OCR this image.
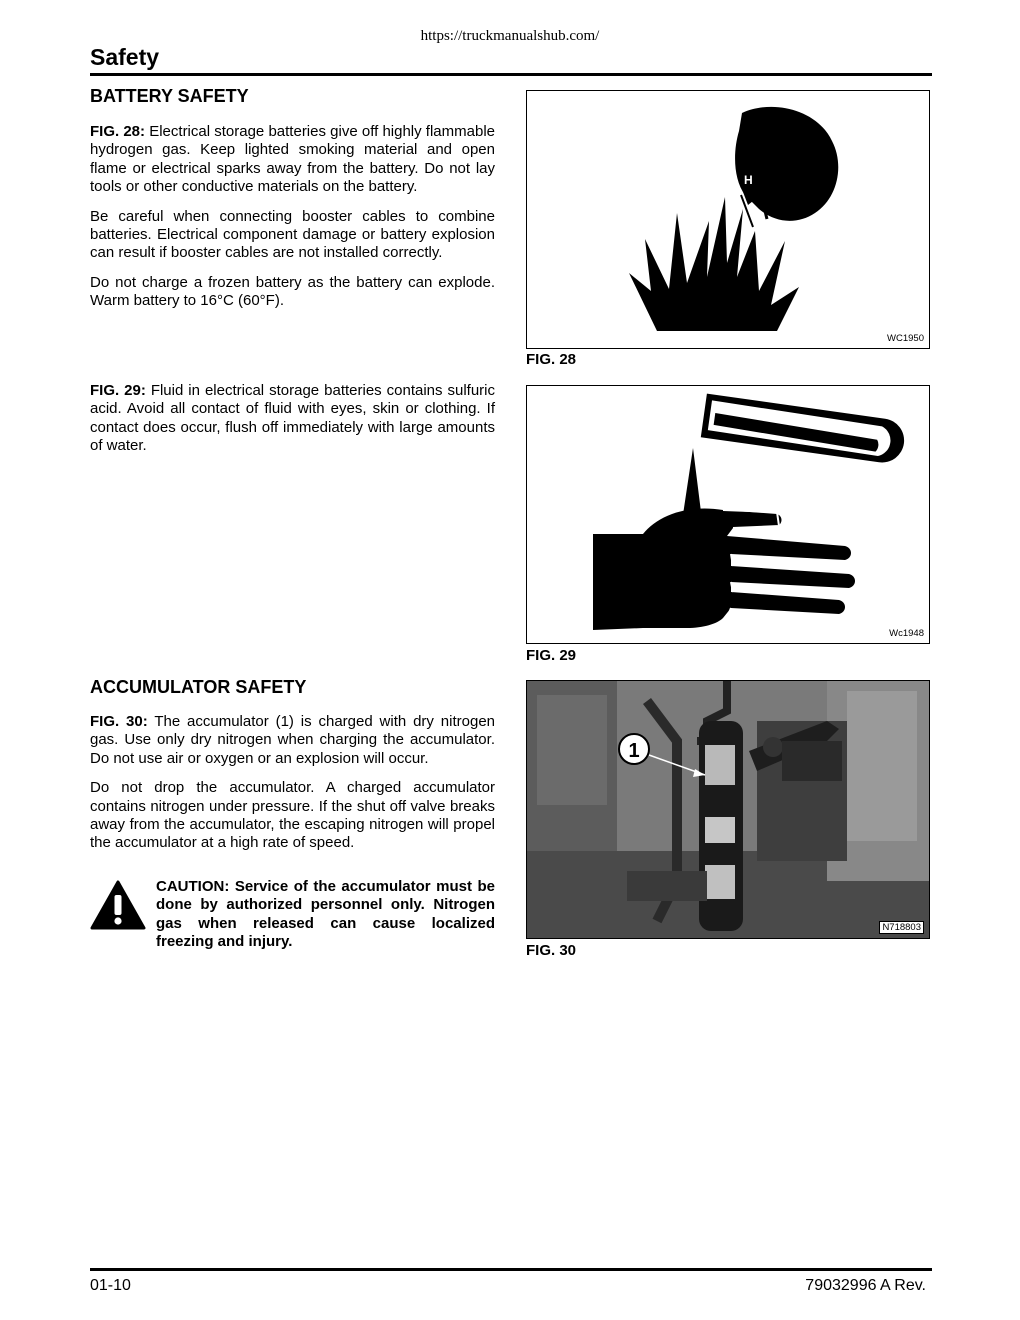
https://truckmanualshub.com/
Safety
BATTERY SAFETY

FIG. 28: Electrical storage batteries give off highly flammable hydrogen gas. Keep lighted smoking material and open flame or electrical sparks away from the battery. Do not lay tools or other conductive materials on the battery.

Be careful when connecting booster cables to combine batteries. Electrical component damage or battery explosion can result if booster cables are not installed correctly.

Do not charge a frozen battery as the battery can explode. Warm battery to 16°C (60°F).

FIG. 29: Fluid in electrical storage batteries contains sulfuric acid. Avoid all contact of fluid with eyes, skin or clothing. If contact does occur, flush off immediately with large amounts of water.

ACCUMULATOR SAFETY

FIG. 30: The accumulator (1) is charged with dry nitrogen gas. Use only dry nitrogen when charging the accumulator. Do not use air or oxygen or an explosion will occur.

Do not drop the accumulator. A charged accumulator contains nitrogen under pressure. If the shut off valve breaks away from the accumulator, the escaping nitrogen will propel the accumulator at a high rate of speed.

CAUTION: Service of the accumulator must be done by authorized personnel only. Nitrogen gas when released can cause localized freezing and injury.
H
WC1950
FIG. 28
Wc1948
FIG. 29
1
N718803
FIG. 30
01-10	79032996 A Rev.
